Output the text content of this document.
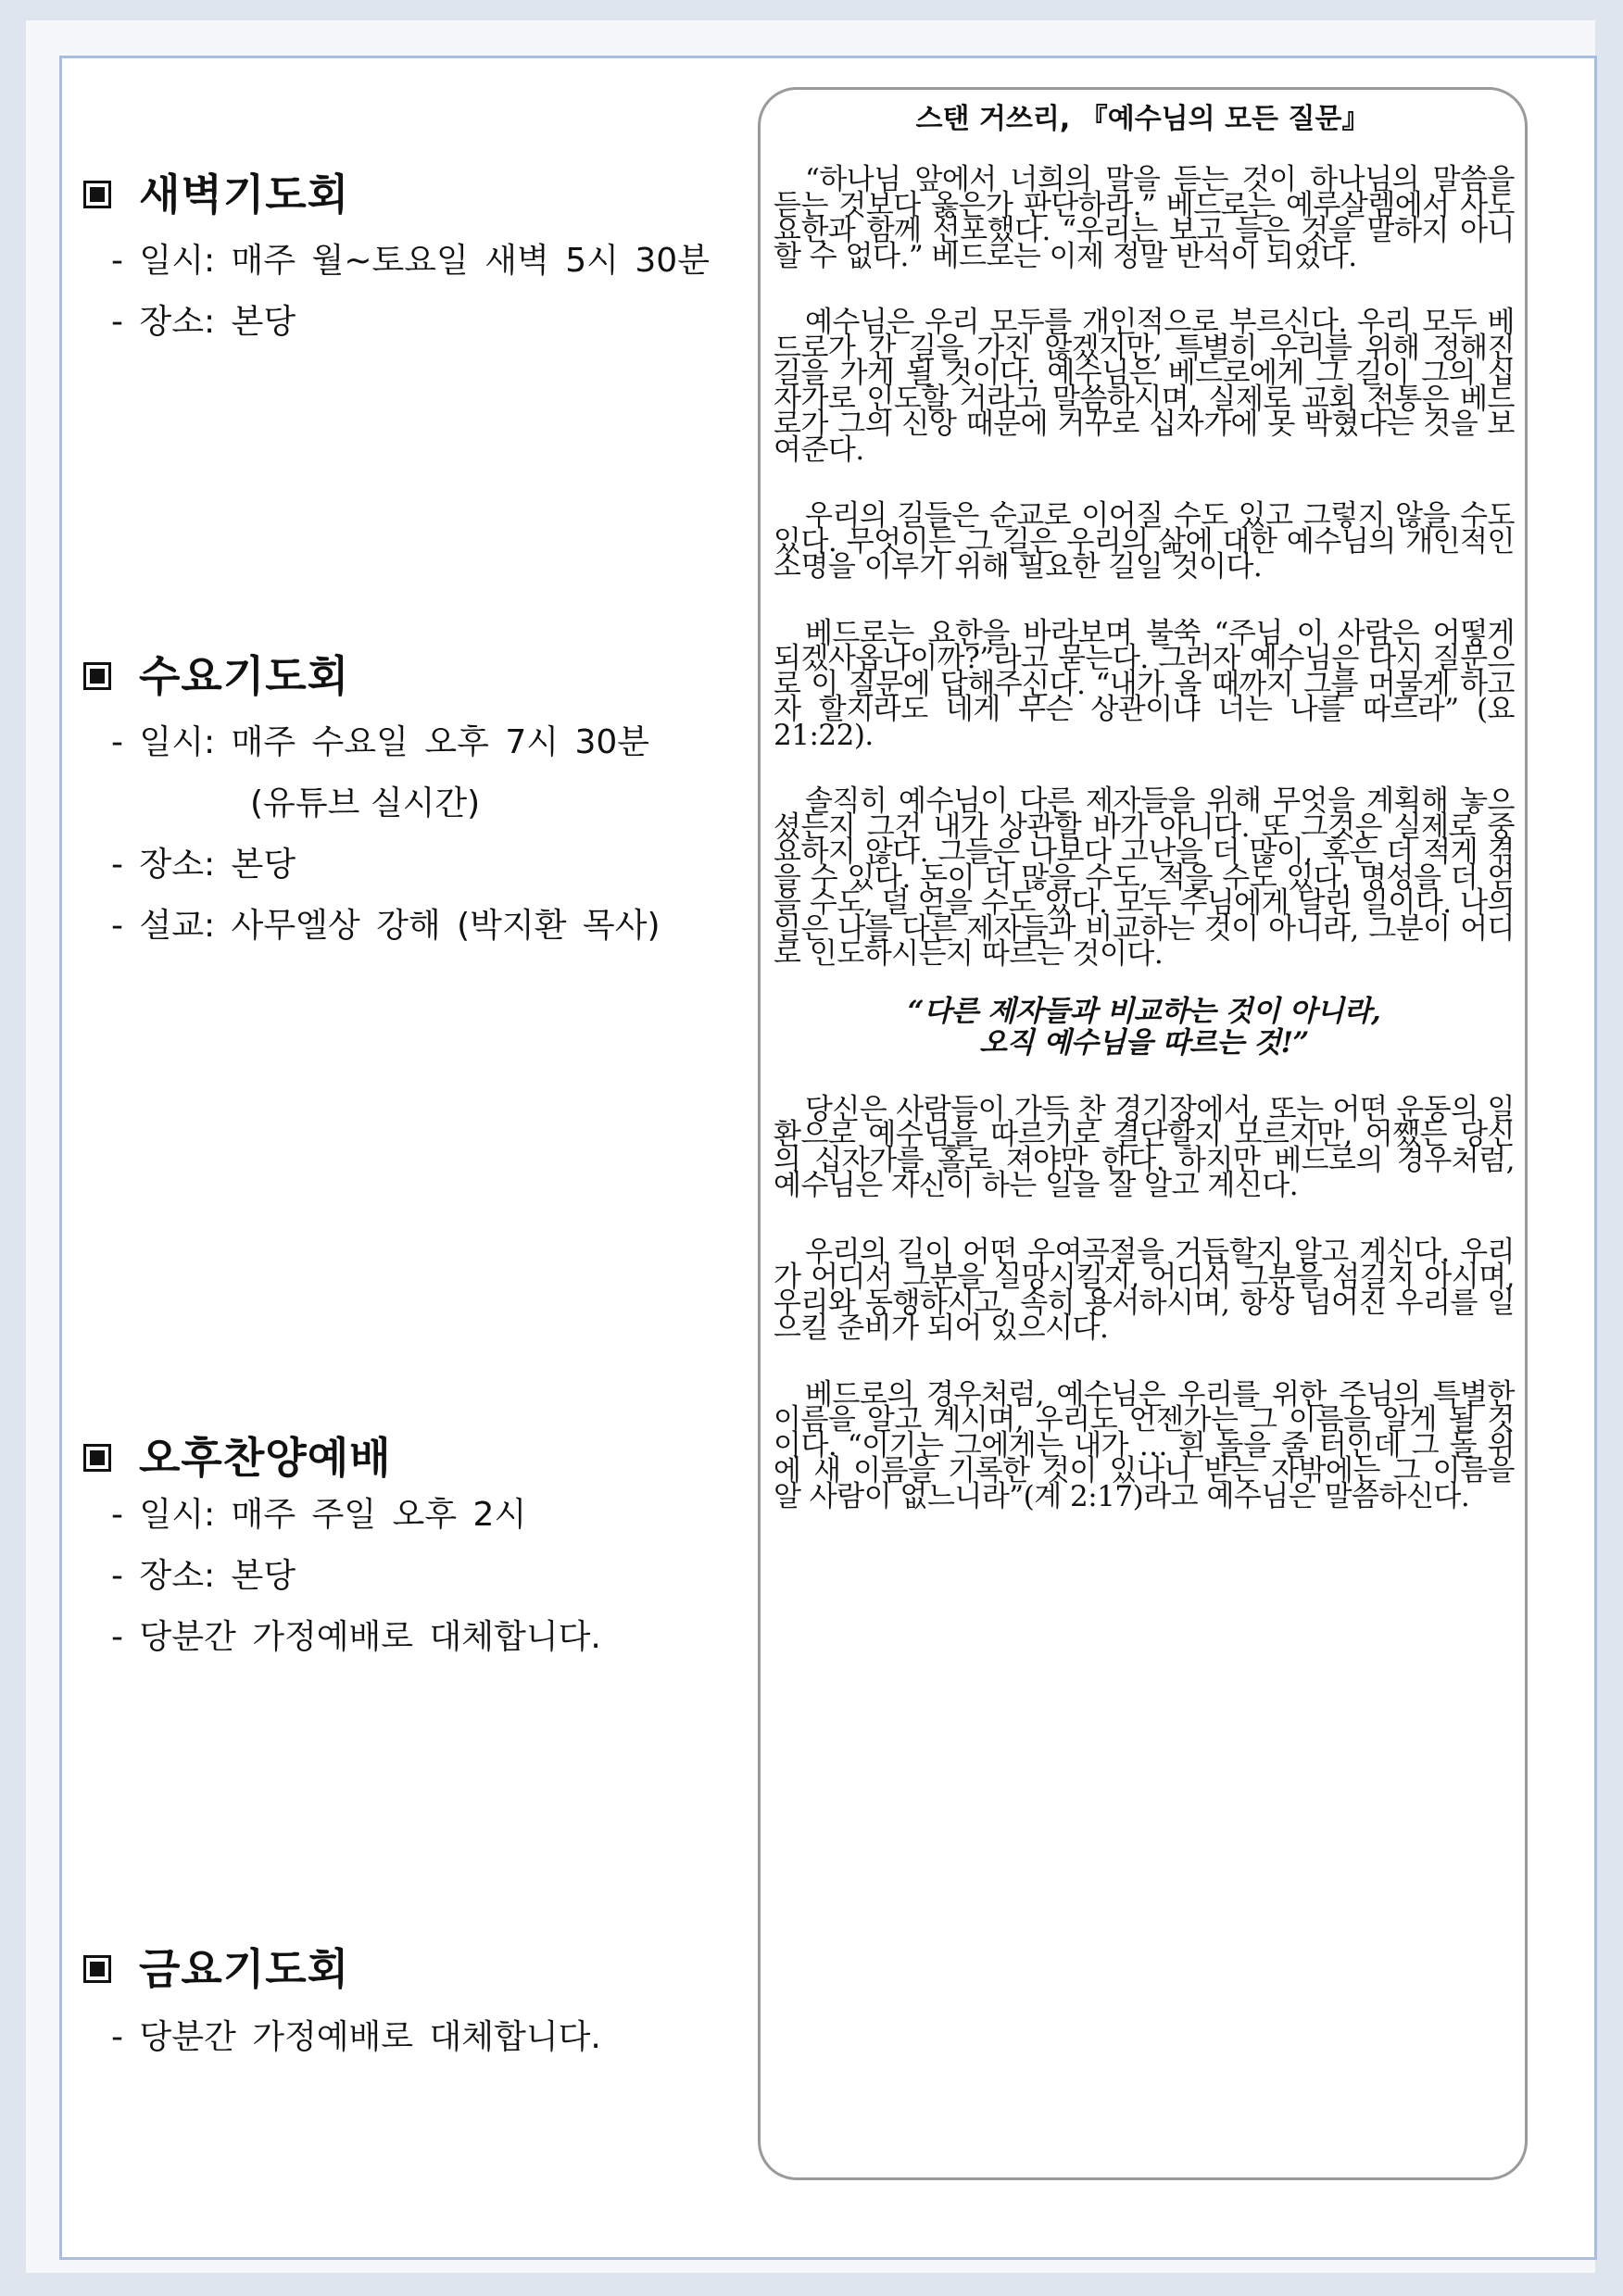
새벽기도회
- 일시: 매주 월~토요일 새벽 5시 30분
- 장소: 본당
수요기도회
- 일시: 매주 수요일 오후 7시 30분
(유튜브 실시간)
- 장소: 본당
- 설교: 사무엘상 강해 (박지환 목사)
오후찬양예배
- 일시: 매주 주일 오후 2시
- 장소: 본당
- 당분간 가정예배로 대체합니다.
금요기도회
- 당분간 가정예배로 대체합니다.
스탠 거쓰리, 『예수님의 모든 질문』

“하나님 앞에서 너희의 말을 듣는 것이 하나님의 말씀을 듣는 것보다 옳은가 판단하라.” 베드로는 예루살렘에서 사도 요한과 함께 선포했다. “우리는 보고 들은 것을 말하지 아니할 수 없다.” 베드로는 이제 정말 반석이 되었다.

예수님은 우리 모두를 개인적으로 부르신다. 우리 모두 베드로가 간 길을 가진 않겠지만, 특별히 우리를 위해 정해진 길을 가게 될 것이다. 예수님은 베드로에게 그 길이 그의 십자가로 인도할 거라고 말씀하시며, 실제로 교회 전통은 베드로가 그의 신앙 때문에 거꾸로 십자가에 못 박혔다는 것을 보여준다.

우리의 길들은 순교로 이어질 수도 있고 그렇지 않을 수도 있다. 무엇이든 그 길은 우리의 삶에 대한 예수님의 개인적인 소명을 이루기 위해 필요한 길일 것이다.

베드로는 요한을 바라보며 불쑥 “주님 이 사람은 어떻게 되겠사옵나이까?”라고 묻는다. 그러자 예수님은 다시 질문으로 이 질문에 답해주신다. “내가 올 때까지 그를 머물게 하고자 할지라도 네게 무슨 상관이냐 너는 나를 따르라” (요 21:22).

솔직히 예수님이 다른 제자들을 위해 무엇을 계획해 놓으셨든지 그건 내가 상관할 바가 아니다. 또 그것은 실제로 중요하지 않다. 그들은 나보다 고난을 더 많이, 혹은 더 적게 겪을 수 있다. 돈이 더 많을 수도, 적을 수도 있다. 명성을 더 얻을 수도, 덜 얻을 수도 있다. 모두 주님에게 달린 일이다. 나의 일은 나를 다른 제자들과 비교하는 것이 아니라, 그분이 어디로 인도하시든지 따르는 것이다.

“다른 제자들과 비교하는 것이 아니라,
오직 예수님을 따르는 것!”

당신은 사람들이 가득 찬 경기장에서, 또는 어떤 운동의 일환으로 예수님을 따르기로 결단할지 모르지만, 어쨌든 당신의 십자가를 홀로 져야만 한다. 하지만 베드로의 경우처럼, 예수님은 자신이 하는 일을 잘 알고 계신다.

우리의 길이 어떤 우여곡절을 거듭할지 알고 계신다. 우리가 어디서 그분을 실망시킬지, 어디서 그분을 섬길지 아시며, 우리와 동행하시고, 속히 용서하시며, 항상 넘어진 우리를 일으킬 준비가 되어 있으시다.

베드로의 경우처럼, 예수님은 우리를 위한 주님의 특별한 이름을 알고 계시며, 우리도 언젠가는 그 이름을 알게 될 것이다. “이기는 그에게는 내가 … 흰 돌을 줄 터인데 그 돌 위에 새 이름을 기록한 것이 있나니 받는 자밖에는 그 이름을 알 사람이 없느니라”(계 2:17)라고 예수님은 말씀하신다.
